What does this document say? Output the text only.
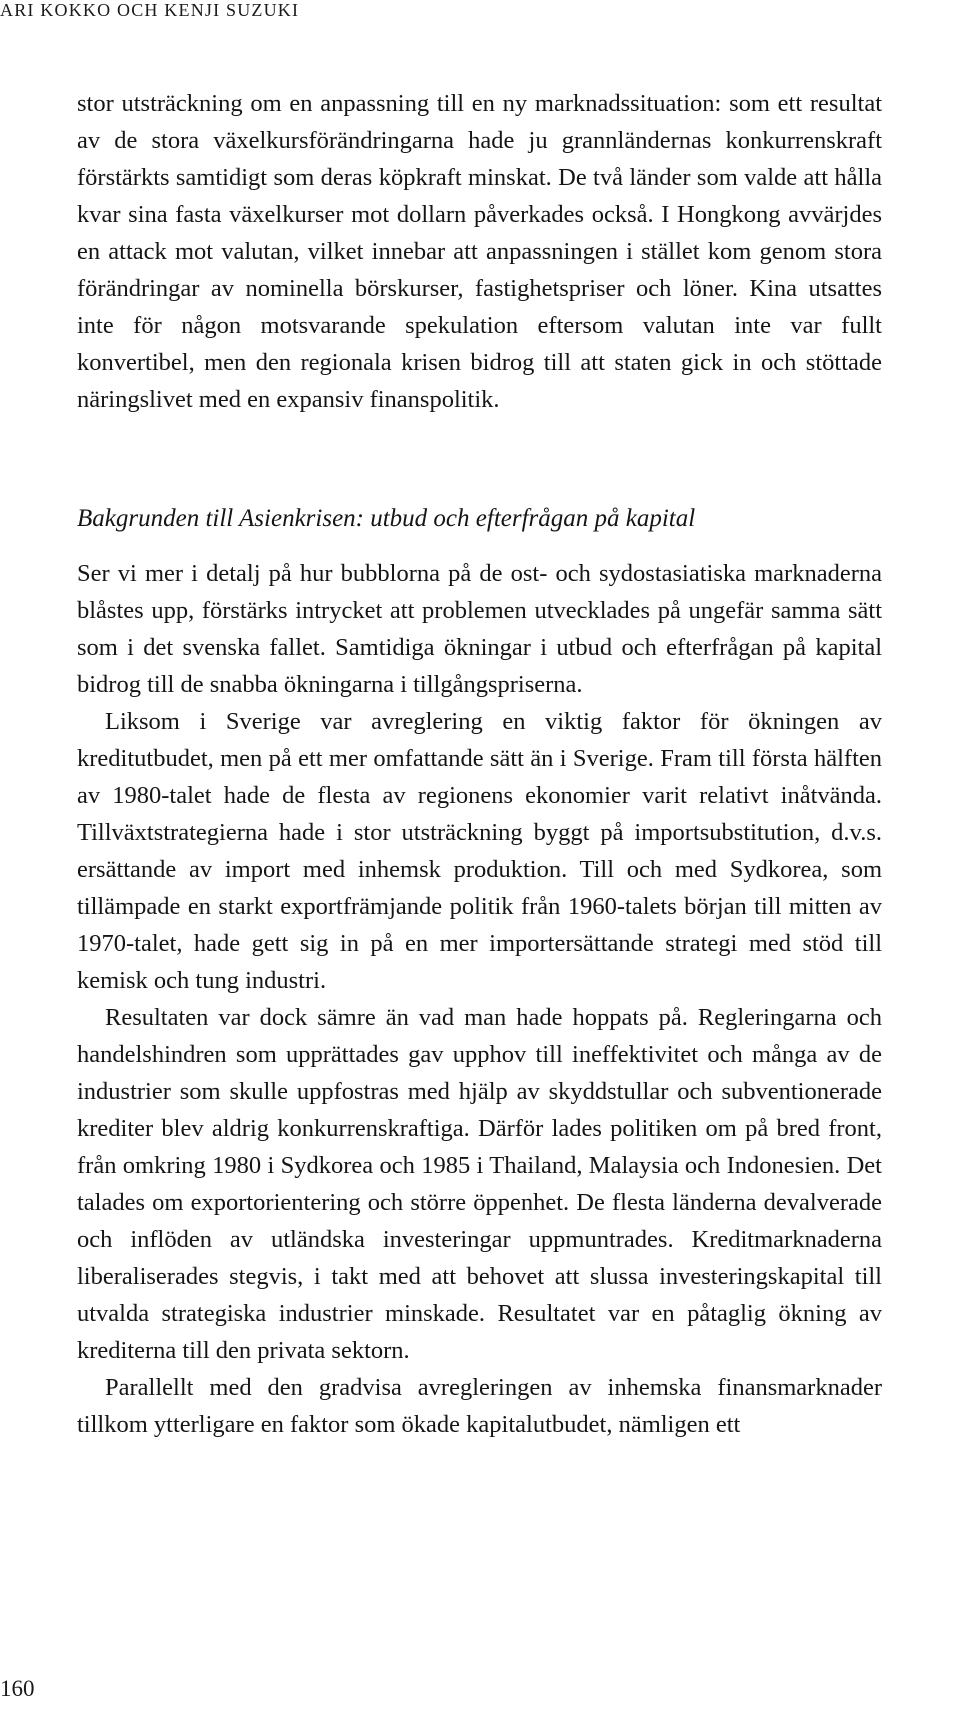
ARI KOKKO OCH KENJI SUZUKI

stor utsträckning om en anpassning till en ny marknadssituation: som ett resultat av de stora växelkursförändringarna hade ju grannländernas konkurrenskraft förstärkts samtidigt som deras köpkraft minskat. De två länder som valde att hålla kvar sina fasta växelkurser mot dollarn påverkades också. I Hongkong avvärjdes en attack mot valutan, vilket innebar att anpassningen i stället kom genom stora förändringar av nominella börskurser, fastighetspriser och löner. Kina utsattes inte för någon motsvarande spekulation eftersom valutan inte var fullt konvertibel, men den regionala krisen bidrog till att staten gick in och stöttade näringslivet med en expansiv finanspolitik.

Bakgrunden till Asienkrisen: utbud och efterfrågan på kapital

Ser vi mer i detalj på hur bubblorna på de ost- och sydostasiatiska marknaderna blåstes upp, förstärks intrycket att problemen utvecklades på ungefär samma sätt som i det svenska fallet. Samtidiga ökningar i utbud och efterfrågan på kapital bidrog till de snabba ökningarna i tillgångspriserna.

Liksom i Sverige var avreglering en viktig faktor för ökningen av kreditutbudet, men på ett mer omfattande sätt än i Sverige. Fram till första hälften av 1980-talet hade de flesta av regionens ekonomier varit relativt inåtvända. Tillväxtstrategierna hade i stor utsträckning byggt på importsubstitution, d.v.s. ersättande av import med inhemsk produktion. Till och med Sydkorea, som tillämpade en starkt exportfrämjande politik från 1960-talets början till mitten av 1970-talet, hade gett sig in på en mer importersättande strategi med stöd till kemisk och tung industri.

Resultaten var dock sämre än vad man hade hoppats på. Regleringarna och handelshindren som upprättades gav upphov till ineffektivitet och många av de industrier som skulle uppfostras med hjälp av skyddstullar och subventionerade krediter blev aldrig konkurrenskraftiga. Därför lades politiken om på bred front, från omkring 1980 i Sydkorea och 1985 i Thailand, Malaysia och Indonesien. Det talades om exportorientering och större öppenhet. De flesta länderna devalverade och inflöden av utländska investeringar uppmuntrades. Kreditmarknaderna liberaliserades stegvis, i takt med att behovet att slussa investeringskapital till utvalda strategiska industrier minskade. Resultatet var en påtaglig ökning av krediterna till den privata sektorn.

Parallellt med den gradvisa avregleringen av inhemska finansmarknader tillkom ytterligare en faktor som ökade kapitalutbudet, nämligen ett

160
